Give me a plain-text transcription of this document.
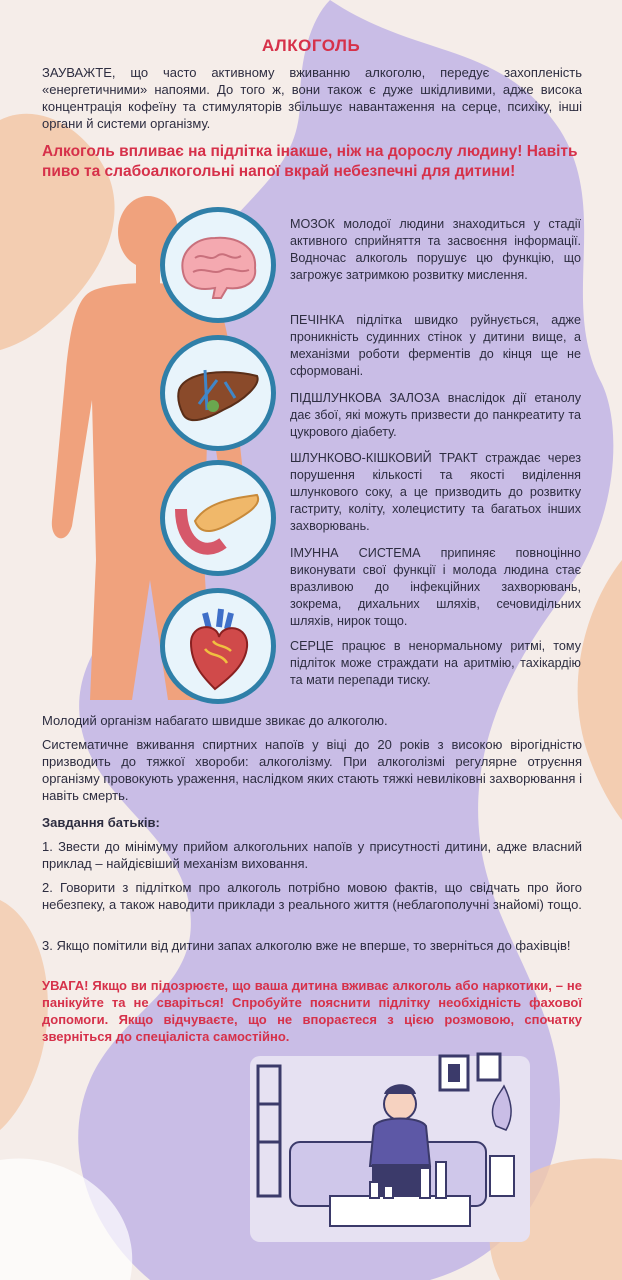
АЛКОГОЛЬ
ЗАУВАЖТЕ, що часто активному вживанню алкоголю, передує захопленість «енергетичними» напоями. До того ж, вони також є дуже шкідливими, адже висока концентрація кофеїну та стимуляторів збільшує навантаження на серце, психіку, інші органи й системи організму.
Алкоголь впливає на підлітка інакше, ніж на дорослу людину! Навіть пиво та слабоалкогольні напої вкрай небезпечні для дитини!
МОЗОК молодої людини знаходиться у стадії активного сприйняття та засвоєння інформації. Водночас алкоголь порушує цю функцію, що загрожує затримкою розвитку мислення.
ПЕЧІНКА підлітка швидко руйнується, адже проникність судинних стінок у дитини вище, а механізми роботи ферментів до кінця ще не сформовані.
ПІДШЛУНКОВА ЗАЛОЗА внаслідок дії етанолу дає збої, які можуть призвести до панкреатиту та цукрового діабету.
ШЛУНКОВО-КІШКОВИЙ ТРАКТ страждає через порушення кількості та якості виділення шлункового соку, а це призводить до розвитку гастриту, коліту, холециститу та багатьох інших захворювань.
ІМУННА СИСТЕМА припиняє повноцінно виконувати свої функції і молода людина стає вразливою до інфекційних захворювань, зокрема, дихальних шляхів, сечовидільних шляхів, нирок тощо.
СЕРЦЕ працює в ненормальному ритмі, тому підліток може страждати на аритмію, тахікардію та мати перепади тиску.
Молодий організм набагато швидше звикає до алкоголю.
Систематичне вживання спиртних напоїв у віці до 20 років з високою вірогідністю призводить до тяжкої хвороби: алкоголізму. При алкоголізмі регулярне отруєння організму провокують ураження, наслідком яких стають тяжкі невиліковні захворювання і навіть смерть.
Завдання батьків:
1. Звести до мінімуму прийом алкогольних напоїв у присутності дитини, адже власний приклад – найдієвіший механізм виховання.
2. Говорити з підлітком про алкоголь потрібно мовою фактів, що свідчать про його небезпеку, а також наводити приклади з реального життя (неблагополучні знайомі) тощо.
3. Якщо помітили від дитини запах алкоголю вже не вперше, то зверніться до фахівців!
УВАГА! Якщо ви підозрюєте, що ваша дитина вживає алкоголь або наркотики, – не панікуйте та не сваріться! Спробуйте пояснити підлітку необхідність фахової допомоги. Якщо відчуваєте, що не впораєтеся з цією розмовою, спочатку зверніться до спеціаліста самостійно.
